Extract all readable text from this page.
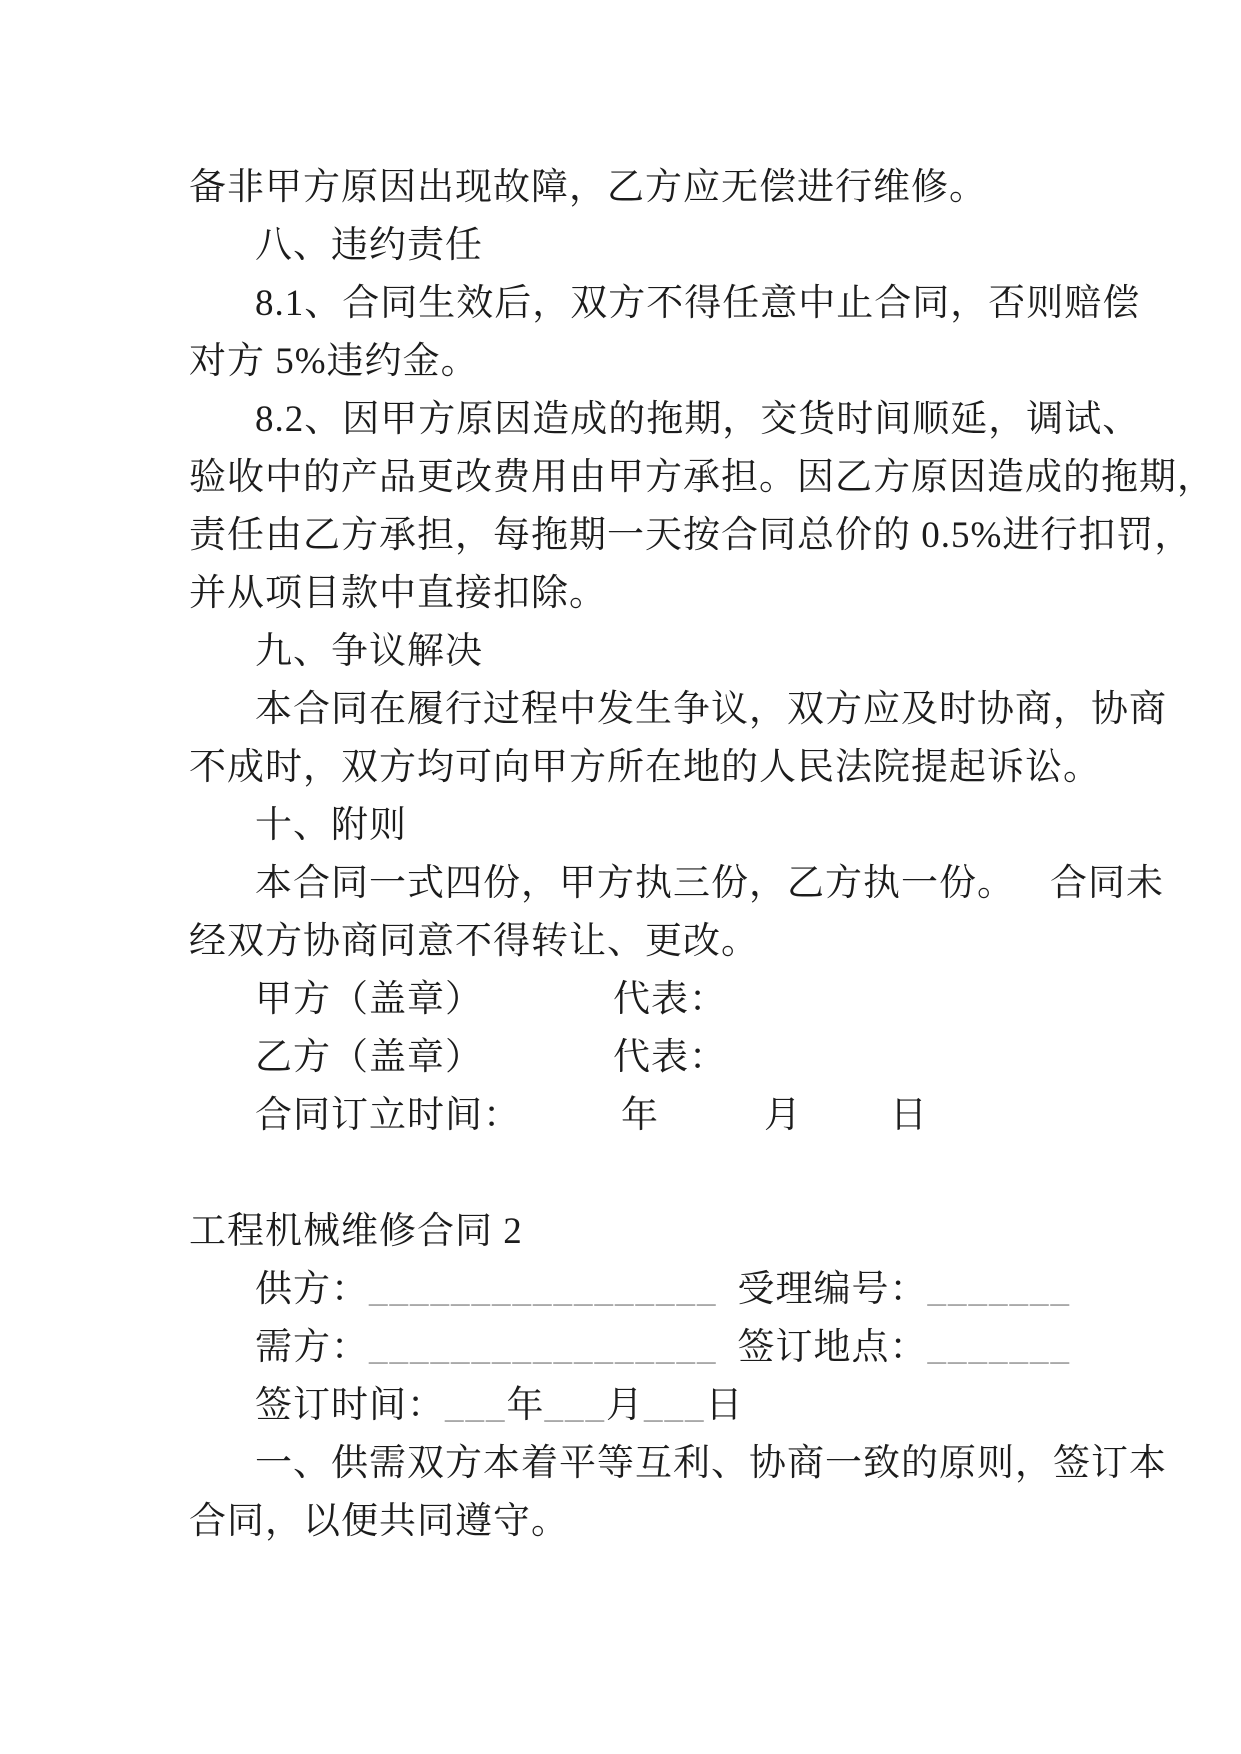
备非甲方原因出现故障，乙方应无偿进行维修。
八、违约责任
8.1、合同生效后，双方不得任意中止合同，否则赔偿
对方 5%违约金。
8.2、因甲方原因造成的拖期，交货时间顺延，调试、
验收中的产品更改费用由甲方承担。因乙方原因造成的拖期，
责任由乙方承担，每拖期一天按合同总价的 0.5%进行扣罚，
并从项目款中直接扣除。
九、争议解决
本合同在履行过程中发生争议，双方应及时协商，协商
不成时，双方均可向甲方所在地的人民法院提起诉讼。
十、附则
本合同一式四份，甲方执三份，乙方执一份。 合同未
经双方协商同意不得转让、更改。
甲方（盖章）	代表：
乙方（盖章）	代表：
合同订立时间：	年	月 日
工程机械维修合同 2
供方：_________________ 受理编号：_______
需方：_________________ 签订地点：_______
签订时间：___年___月___日
一、供需双方本着平等互利、协商一致的原则，签订本
合同，以便共同遵守。
